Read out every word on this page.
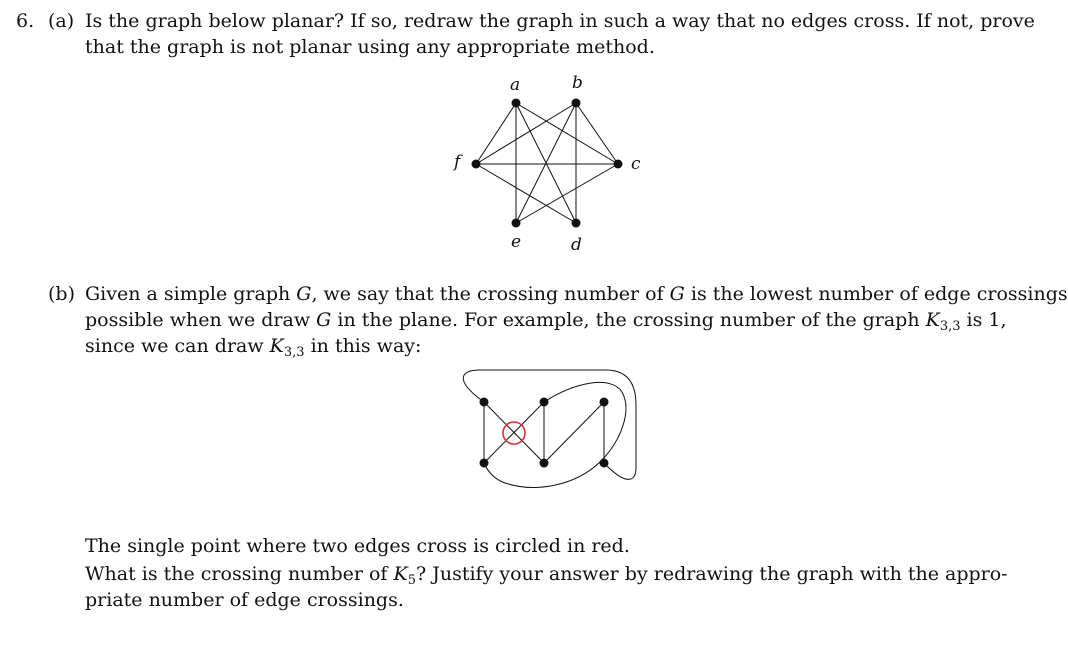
6. (a) Is the graph below planar? If so, redraw the graph in such a way that no edges cross. If not, prove
that the graph is not planar using any appropriate method.
a	b
c
d
e
f
(b) Given a simple graph G, we say that the crossing number of G is the lowest number of edge crossings
possible when we draw G in the plane. For example, the crossing number of the graph $K_{3,3}$ is 1,
since we can draw $K_{3,3}$ in this way:
The single point where two edges cross is circled in red.
What is the crossing number of $K_5$? Justify your answer by redrawing the graph with the appro-
priate number of edge crossings.
